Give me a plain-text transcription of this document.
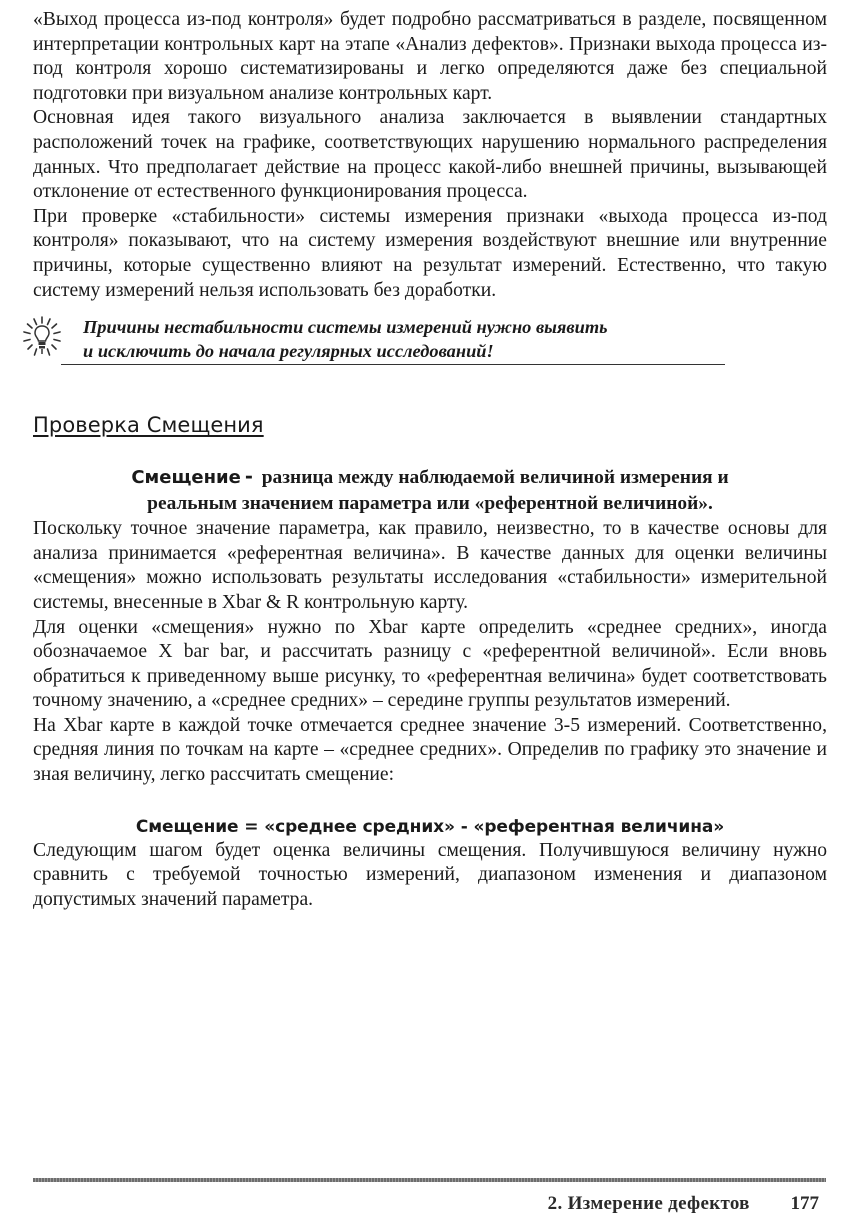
«Выход процесса из-под контроля» будет подробно рассматриваться в разделе, посвященном интерпретации контрольных карт на этапе «Анализ дефектов». Признаки выхода процесса из-под контроля хорошо систематизированы и легко определяются даже без специальной подготовки при визуальном анализе контрольных карт.

Основная идея такого визуального анализа заключается в выявлении стандартных расположений точек на графике, соответствующих нарушению нормального распределения данных. Что предполагает действие на процесс какой-либо внешней причины, вызывающей отклонение от естественного функционирования процесса.

При проверке «стабильности» системы измерения признаки «выхода процесса из-под контроля» показывают, что на систему измерения воздействуют внешние или внутренние причины, которые существенно влияют на результат измерений. Естественно, что такую систему измерений нельзя использовать без доработки.

Причины нестабильности системы измерений нужно выявить
и исключить до начала регулярных исследований!
Проверка Смещения
Смещение - разница между наблюдаемой величиной измерения и
реальным значением параметра или «референтной величиной».

Поскольку точное значение параметра, как правило, неизвестно, то в качестве основы для анализа принимается «референтная величина». В качестве данных для оценки величины «смещения» можно использовать результаты исследования «стабильности» измерительной системы, внесенные в Xbar & R контрольную карту.

Для оценки «смещения» нужно по Xbar карте определить «среднее средних», иногда обозначаемое X bar bar, и рассчитать разницу с «референтной величиной». Если вновь обратиться к приведенному выше рисунку, то «референтная величина» будет соответствовать точному значению, а «среднее средних» – середине группы результатов измерений.

На Xbar карте в каждой точке отмечается среднее значение 3-5 измерений. Соответственно, средняя линия по точкам на карте – «среднее средних». Определив по графику это значение и зная величину, легко рассчитать смещение:

Смещение = «среднее средних» - «референтная величина»

Следующим шагом будет оценка величины смещения. Получившуюся величину нужно сравнить с требуемой точностью измерений, диапазоном изменения и диапазоном допустимых значений параметра.

2. Измерение дефектов 177
